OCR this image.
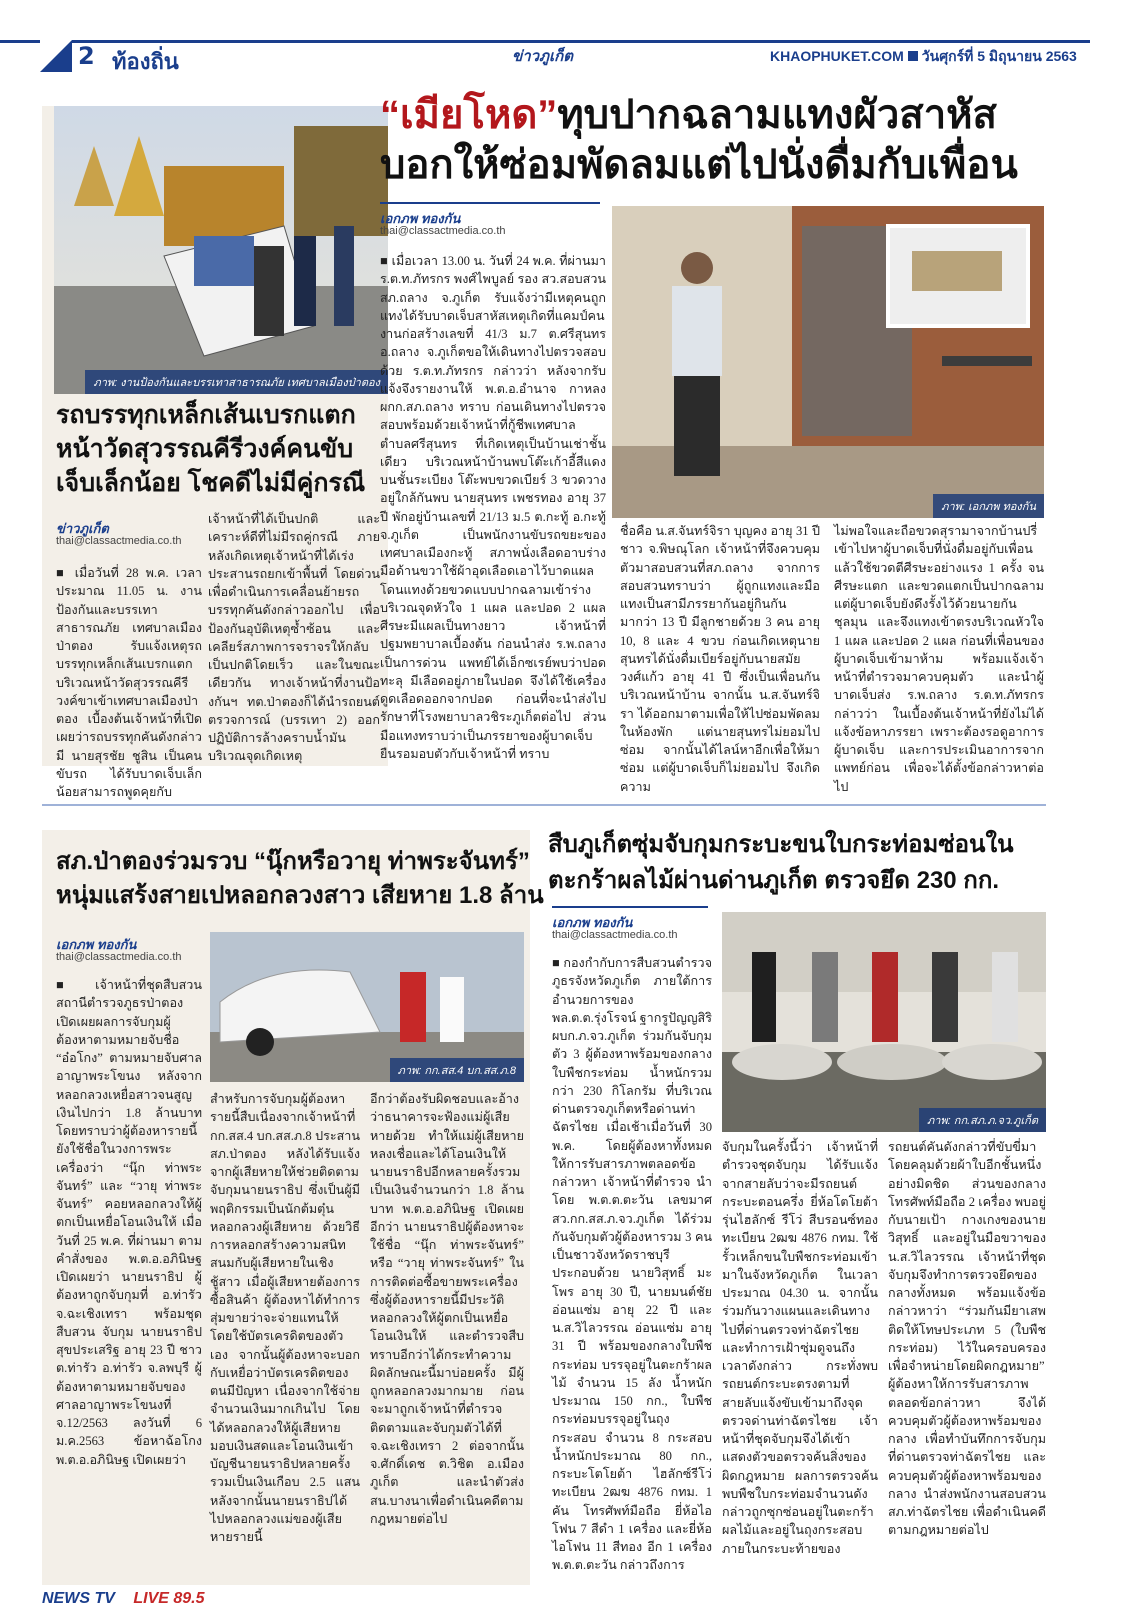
2 ท้องถิ่น	ข่าวภูเก็ต	KHAOPHUKET.COM วันศุกร์ที่ 5 มิถุนายน 2563
ภาพ: งานป้องกันและบรรเทาสาธารณภัย เทศบาลเมืองป่าตอง
รถบรรทุกเหล็กเส้นเบรกแตก หน้าวัดสุวรรณคีรีวงค์คนขับ เจ็บเล็กน้อย โชคดีไม่มีคู่กรณี
ข่าวภูเก็ต
thai@classactmedia.co.th
■ เมื่อวันที่ 28 พ.ค. เวลาประมาณ 11.05 น. งานป้องกันและบรรเทาสาธารณภัย เทศบาลเมืองป่าตอง รับแจ้งเหตุรถบรรทุกเหล็กเส้นเบรกแตก บริเวณหน้าวัดสุวรรณคีรีวงค์ขาเข้าเทศบาลเมืองป่าตอง เบื้องต้นเจ้าหน้าที่เปิดเผยว่ารถบรรทุกคันดังกล่าวมี นายสุรชัย ชูสิน เป็นคนขับรถ ได้รับบาดเจ็บเล็กน้อยสามารถพูดคุยกับ
เจ้าหน้าที่ได้เป็นปกติ และเคราะห์ดีที่ไม่มีรถคู่กรณี ภายหลังเกิดเหตุเจ้าหน้าที่ได้เร่งประสานรถยกเข้าพื้นที่ โดยด่วนเพื่อดำเนินการเคลื่อนย้ายรถบรรทุกคันดังกล่าวออกไป เพื่อป้องกันอุบัติเหตุซ้ำซ้อน และเคลียร์สภาพการจราจรให้กลับเป็นปกติโดยเร็ว และในขณะเดียวกัน ทางเจ้าหน้าที่งานป้องกันฯ ทต.ป่าตองก็ได้นำรถยนต์ตรวจการณ์ (บรรเทา 2) ออกปฏิบัติการล้างคราบน้ำมันบริเวณจุดเกิดเหตุ
“เมียโหด”ทุบปากฉลามแทงผัวสาหัส
บอกให้ซ่อมพัดลมแต่ไปนั่งดื่มกับเพื่อน
เอกภพ ทองกัน
thai@classactmedia.co.th
■ เมื่อเวลา 13.00 น. วันที่ 24 พ.ค. ที่ผ่านมา ร.ต.ท.ภัทรกร พงศ์ไพบูลย์ รอง สว.สอบสวนสภ.ถลาง จ.ภูเก็ต รับแจ้งว่ามีเหตุคนถูกแทงได้รับบาดเจ็บสาหัสเหตุเกิดที่แคมป์คนงานก่อสร้างเลขที่ 41/3 ม.7 ต.ศรีสุนทร อ.ถลาง จ.ภูเก็ตขอให้เดินทางไปตรวจสอบด้วย ร.ต.ท.ภัทรกร กล่าวว่า หลังจากรับแจ้งจึงรายงานให้ พ.ต.อ.อำนาจ กาหลง ผกก.สภ.ถลาง ทราบ ก่อนเดินทางไปตรวจสอบพร้อมด้วยเจ้าหน้าที่กู้ชีพเทศบาลตำบลศรีสุนทร ที่เกิดเหตุเป็นบ้านเช่าชั้นเดียว บริเวณหน้าบ้านพบโต๊ะเก้าอี้สีแดงบนชั้นระเบียง โต๊ะพบขวดเบียร์ 3 ขวดวางอยู่ใกล้กันพบ นายสุนทร เพชรทอง อายุ 37 ปี พักอยู่บ้านเลขที่ 21/13 ม.5 ต.กะทู้ อ.กะทู้ จ.ภูเก็ต เป็นพนักงานขับรถขยะของเทศบาลเมืองกะทู้ สภาพนั่งเลือดอาบร่างมือด้านขวาใช้ผ้าอุดเลือดเอาไว้บาดแผลโดนแทงด้วยขวดแบบปากฉลามเข้าร่างบริเวณจุดหัวใจ 1 แผล และปอด 2 แผล ศีรษะมีแผลเป็นทางยาว เจ้าหน้าที่ปฐมพยาบาลเบื้องต้น ก่อนนำส่ง ร.พ.ถลาง เป็นการด่วน แพทย์ได้เอ็กซเรย์พบว่าปอดทะลุ มีเลือดอยู่ภายในปอด จึงได้ใช้เครื่องดูดเลือดออกจากปอด ก่อนที่จะนำส่งไปรักษาที่โรงพยาบาลวชิระภูเก็ตต่อไป ส่วนมือแทงทราบว่าเป็นภรรยาของผู้บาดเจ็บ ยืนรอมอบตัวกับเจ้าหน้าที่ ทราบ
ภาพ: เอกภพ ทองกัน
ชื่อคือ น.ส.จันทร์จิรา บุญคง อายุ 31 ปี ชาว จ.พิษณุโลก เจ้าหน้าที่จึงควบคุมตัวมาสอบสวนที่สภ.ถลาง จากการสอบสวนทราบว่า ผู้ถูกแทงและมือแทงเป็นสามีภรรยากันอยู่กินกันมากว่า 13 ปี มีลูกชายด้วย 3 คน อายุ 10, 8 และ 4 ขวบ ก่อนเกิดเหตุนายสุนทรได้นั่งดื่มเบียร์อยู่กับนายสมัย วงศ์แก้ว อายุ 41 ปี ซึ่งเป็นเพื่อนกันบริเวณหน้าบ้าน จากนั้น น.ส.จันทร์จิรา ได้ออกมาตามเพื่อให้ไปซ่อมพัดลมในห้องพัก แต่นายสุนทรไม่ยอมไปซ่อม จากนั้นได้ไลน์หาอีกเพื่อให้มาซ่อม แต่ผู้บาดเจ็บก็ไม่ยอมไป จึงเกิดความ
ไม่พอใจและถือขวดสุรามาจากบ้านปรี่เข้าไปหาผู้บาดเจ็บที่นั่งดื่มอยู่กับเพื่อน แล้วใช้ขวดตีศีรษะอย่างแรง 1 ครั้ง จนศีรษะแตก และขวดแตกเป็นปากฉลาม แต่ผู้บาดเจ็บยังดึงรั้งไว้ด้วยนายกันชุลมุน และจึงแทงเข้าตรงบริเวณหัวใจ 1 แผล และปอด 2 แผล ก่อนที่เพื่อนของผู้บาดเจ็บเข้ามาห้าม พร้อมแจ้งเจ้าหน้าที่ตำรวจมาควบคุมตัว และนำผู้บาดเจ็บส่ง ร.พ.ถลาง ร.ต.ท.ภัทรกร กล่าวว่า ในเบื้องต้นเจ้าหน้าที่ยังไม่ได้แจ้งข้อหาภรรยา เพราะต้องรอดูอาการผู้บาดเจ็บ และการประเมินอาการจากแพทย์ก่อน เพื่อจะได้ตั้งข้อกล่าวหาต่อไป
สภ.ป่าตองร่วมรวบ “นุ๊กหรือวายุ ท่าพระจันทร์”
หนุ่มแสร้งสายเปหลอกลวงสาว เสียหาย 1.8 ล้าน
เอกภพ ทองกัน
thai@classactmedia.co.th
ภาพ: กก.สส.4 บก.สส.ภ.8
■ เจ้าหน้าที่ชุดสืบสวน สถานีตำรวจภูธรป่าตอง เปิดเผยผลการจับกุมผู้ต้องหาตามหมายจับชื่อ “อ๋อโกง” ตามหมายจับศาลอาญาพระโขนง หลังจากหลอกลวงเหยื่อสาวจนสูญเงินไปกว่า 1.8 ล้านบาท โดยทราบว่าผู้ต้องหารายนี้ยังใช้ชื่อในวงการพระเครื่องว่า “นุ๊ก ท่าพระจันทร์” และ “วายุ ท่าพระจันทร์” คอยหลอกลวงให้ผู้ตกเป็นเหยื่อโอนเงินให้ เมื่อวันที่ 25 พ.ค. ที่ผ่านมา ตามคำสั่งของ พ.ต.อ.อภินิษฐ เปิดเผยว่า นายนราธิป ผู้ต้องหาถูกจับกุมที่ อ.ท่ารัว จ.ฉะเชิงเทรา พร้อมชุดสืบสวน จับกุม นายนราธิป สุขประเสริฐ อายุ 23 ปี ชาว ต.ท่ารัว อ.ท่ารัว จ.ลพบุรี ผู้ต้องหาตามหมายจับของศาลอาญาพระโขนงที่ จ.12/2563 ลงวันที่ 6 ม.ค.2563 ข้อหาฉ้อโกง พ.ต.อ.อภินิษฐ เปิดเผยว่า
สำหรับการจับกุมผู้ต้องหารายนี้สืบเนื่องจากเจ้าหน้าที่ กก.สส.4 บก.สส.ภ.8 ประสาน สภ.ป่าตอง หลังได้รับแจ้งจากผู้เสียหายให้ช่วยติดตามจับกุมนายนราธิป ซึ่งเป็นผู้มีพฤติกรรมเป็นนักต้มตุ๋นหลอกลวงผู้เสียหาย ด้วยวิธีการหลอกสร้างความสนิทสนมกับผู้เสียหายในเชิงชู้สาว เมื่อผู้เสียหายต้องการซื้อสินค้า ผู้ต้องหาได้ทำการสุ่มขายว่าจะจ่ายแทนให้โดยใช้บัตรเครดิตของตัวเอง จากนั้นผู้ต้องหาจะบอกกับเหยื่อว่าบัตรเครดิตของตนมีปัญหา เนื่องจากใช้จ่ายจำนวนเงินมากเกินไป โดยได้หลอกลวงให้ผู้เสียหายมอบเงินสดและโอนเงินเข้าบัญชีนายนราธิปหลายครั้ง รวมเป็นเงินเกือบ 2.5 แสน หลังจากนั้นนายนราธิปได้ไปหลอกลวงแม่ของผู้เสียหายรายนี้
อีกว่าต้องรับผิดชอบและอ้างว่าธนาคารจะฟ้องแม่ผู้เสียหายด้วย ทำให้แม่ผู้เสียหายหลงเชื่อและได้โอนเงินให้นายนราธิปอีกหลายครั้งรวมเป็นเงินจำนวนกว่า 1.8 ล้านบาท พ.ต.อ.อภินิษฐ เปิดเผยอีกว่า นายนราธิปผู้ต้องหาจะใช้ชื่อ “นุ๊ก ท่าพระจันทร์” หรือ “วายุ ท่าพระจันทร์” ในการติดต่อซื้อขายพระเครื่อง ซึ่งผู้ต้องหารายนี้มีประวัติหลอกลวงให้ผู้ตกเป็นเหยื่อโอนเงินให้ และตำรวจสืบทราบอีกว่าได้กระทำความผิดลักษณะนี้มาบ่อยครั้ง มีผู้ถูกหลอกลวงมากมาย ก่อนจะมาถูกเจ้าหน้าที่ตำรวจติดตามและจับกุมตัวได้ที่ จ.ฉะเชิงเทรา 2 ต่อจากนั้น จ.ศักดิ์เดช ต.วิชิต อ.เมืองภูเก็ต และนำตัวส่ง สน.บางนาเพื่อดำเนินคดีตามกฎหมายต่อไป
สืบภูเก็ตซุ่มจับกุมกระบะขนใบกระท่อมซ่อนใน
ตะกร้าผลไม้ผ่านด่านภูเก็ต ตรวจยึด 230 กก.
เอกภพ ทองกัน
thai@classactmedia.co.th
ภาพ: กก.สภ.ภ.จว.ภูเก็ต
■ กองกำกับการสืบสวนตำรวจภูธรจังหวัดภูเก็ต ภายใต้การอำนวยการของ พล.ต.ต.รุ่งโรจน์ ฐากรูปัญญสิริ ผบก.ภ.จว.ภูเก็ต ร่วมกันจับกุมตัว 3 ผู้ต้องหาพร้อมของกลาง ใบพืชกระท่อม น้ำหนักรวมกว่า 230 กิโลกรัม ที่บริเวณด่านตรวจภูเก็ตหรือด่านท่าฉัตรไชย เมื่อเช้าเมื่อวันที่ 30 พ.ค. โดยผู้ต้องหาทั้งหมดให้การรับสารภาพตลอดข้อกล่าวหา เจ้าหน้าที่ตำรวจ นำโดย พ.ต.ต.ตะวัน เลขมาศ สว.กก.สส.ภ.จว.ภูเก็ต ได้ร่วมกันจับกุมตัวผู้ต้องหารวม 3 คนเป็นชาวจังหวัดราชบุรี ประกอบด้วย นายวิสุทธิ์ มะโพร อายุ 30 ปี, นายมนต์ชัย อ่อนแซ่ม อายุ 22 ปี และ น.ส.วิไลวรรณ อ่อนแซ่ม อายุ 31 ปี พร้อมของกลางใบพืชกระท่อม บรรจุอยู่ในตะกร้าผลไม้ จำนวน 15 ลัง น้ำหนักประมาณ 150 กก., ใบพืชกระท่อมบรรจุอยู่ในถุงกระสอบ จำนวน 8 กระสอบ น้ำหนักประมาณ 80 กก., กระบะโตโยต้า ไฮลักซ์รีโว่ ทะเบียน 2ฒฆ 4876 กทม. 1 คัน โทรศัพท์มือถือ ยี่ห้อไอโฟน 7 สีดำ 1 เครื่อง และยี่ห้อไอโฟน 11 สีทอง อีก 1 เครื่อง พ.ต.ต.ตะวัน กล่าวถึงการ
จับกุมในครั้งนี้ว่า เจ้าหน้าที่ตำรวจชุดจับกุม ได้รับแจ้งจากสายลับว่าจะมีรถยนต์กระบะตอนครึ่ง ยี่ห้อโตโยต้ารุ่นไฮลักซ์ รีโว่ สีบรอนซ์ทอง ทะเบียน 2ฒฆ 4876 กทม. ใช้รั้วเหล็กขนใบพืชกระท่อมเข้ามาในจังหวัดภูเก็ต ในเวลาประมาณ 04.30 น. จากนั้นร่วมกันวางแผนและเดินทางไปที่ด่านตรวจท่าฉัตรไชย และทำการเฝ้าซุ่มดูจนถึงเวลาดังกล่าว กระทั่งพบรถยนต์กระบะตรงตามที่สายลับแจ้งขับเข้ามาถึงจุดตรวจด่านท่าฉัตรไชย เจ้าหน้าที่ชุดจับกุมจึงได้เข้าแสดงตัวขอตรวจค้นสิ่งของผิดกฎหมาย ผลการตรวจค้นพบพืชใบกระท่อมจำนวนดังกล่าวถูกซุกซ่อนอยู่ในตะกร้าผลไม้และอยู่ในถุงกระสอบ ภายในกระบะท้ายของ
รถยนต์คันดังกล่าวที่ขับขี่มาโดยคลุมด้วยผ้าใบอีกชั้นหนึ่งอย่างมิดชิด ส่วนของกลางโทรศัพท์มือถือ 2 เครื่อง พบอยู่กับนายเป้า กางเกงของนายวิสุทธิ์ และอยู่ในมือขวาของ น.ส.วิไลวรรณ เจ้าหน้าที่ชุดจับกุมจึงทำการตรวจยึดของกลางทั้งหมด พร้อมแจ้งข้อกล่าวหาว่า “ร่วมกันมียาเสพติดให้โทษประเภท 5 (ใบพืชกระท่อม) ไว้ในครอบครอง เพื่อจำหน่ายโดยผิดกฎหมาย” ผู้ต้องหาให้การรับสารภาพตลอดข้อกล่าวหา จึงได้ควบคุมตัวผู้ต้องหาพร้อมของกลาง เพื่อทำบันทึกการจับกุมที่ด่านตรวจท่าฉัตรไชย และควบคุมตัวผู้ต้องหาพร้อมของกลาง นำส่งพนักงานสอบสวน สภ.ท่าฉัตรไชย เพื่อดำเนินคดีตามกฎหมายต่อไป
NEWS TV LIVE 89.5
